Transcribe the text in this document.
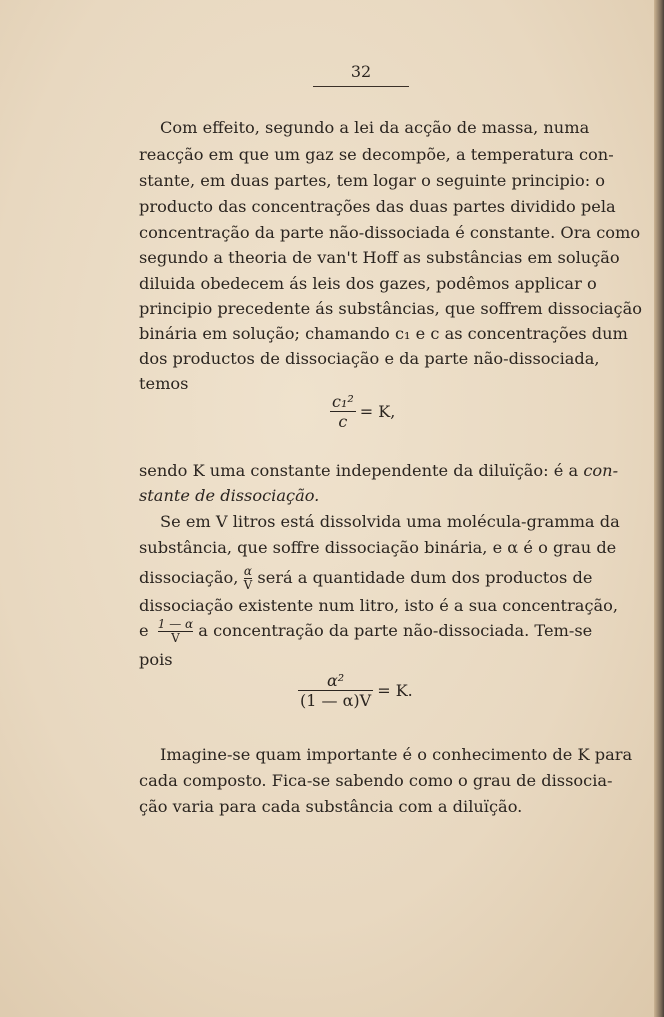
32
Com effeito, segundo a lei da acção de massa, numa
reacção em que um gaz se decompõe, a temperatura con-
stante, em duas partes, tem logar o seguinte principio: o
producto das concentrações das duas partes dividido pela
concentração da parte não-dissociada é constante. Ora como
segundo a theoria de van't Hoff as substâncias em solução
diluida obedecem ás leis dos gazes, podêmos applicar o
principio precedente ás substâncias, que soffrem dissociação
binária em solução; chamando c₁ e c as concentrações dum
dos productos de dissociação e da parte não-dissociada,
temos
$\frac{\text{c₁²}}{c} = K$,
sendo K uma constante independente da diluïção: é a con-
stante de dissociação.
Se em V litros está dissolvida uma molécula-gramma da
substância, que soffre dissociação binária, e α é o grau de
dissociação, $\frac{\alpha}{V}$ será a quantidade dum dos productos de
dissociação existente num litro, isto é a sua concentração,
e $\frac{1 — \alpha}{V}$ a concentração da parte não-dissociada. Tem-se
pois
$\frac{\text{α²}}{(1 — \alpha)V} = K$.
Imagine-se quam importante é o conhecimento de K para
cada composto. Fica-se sabendo como o grau de dissocia-
ção varia para cada substância com a diluïção.
